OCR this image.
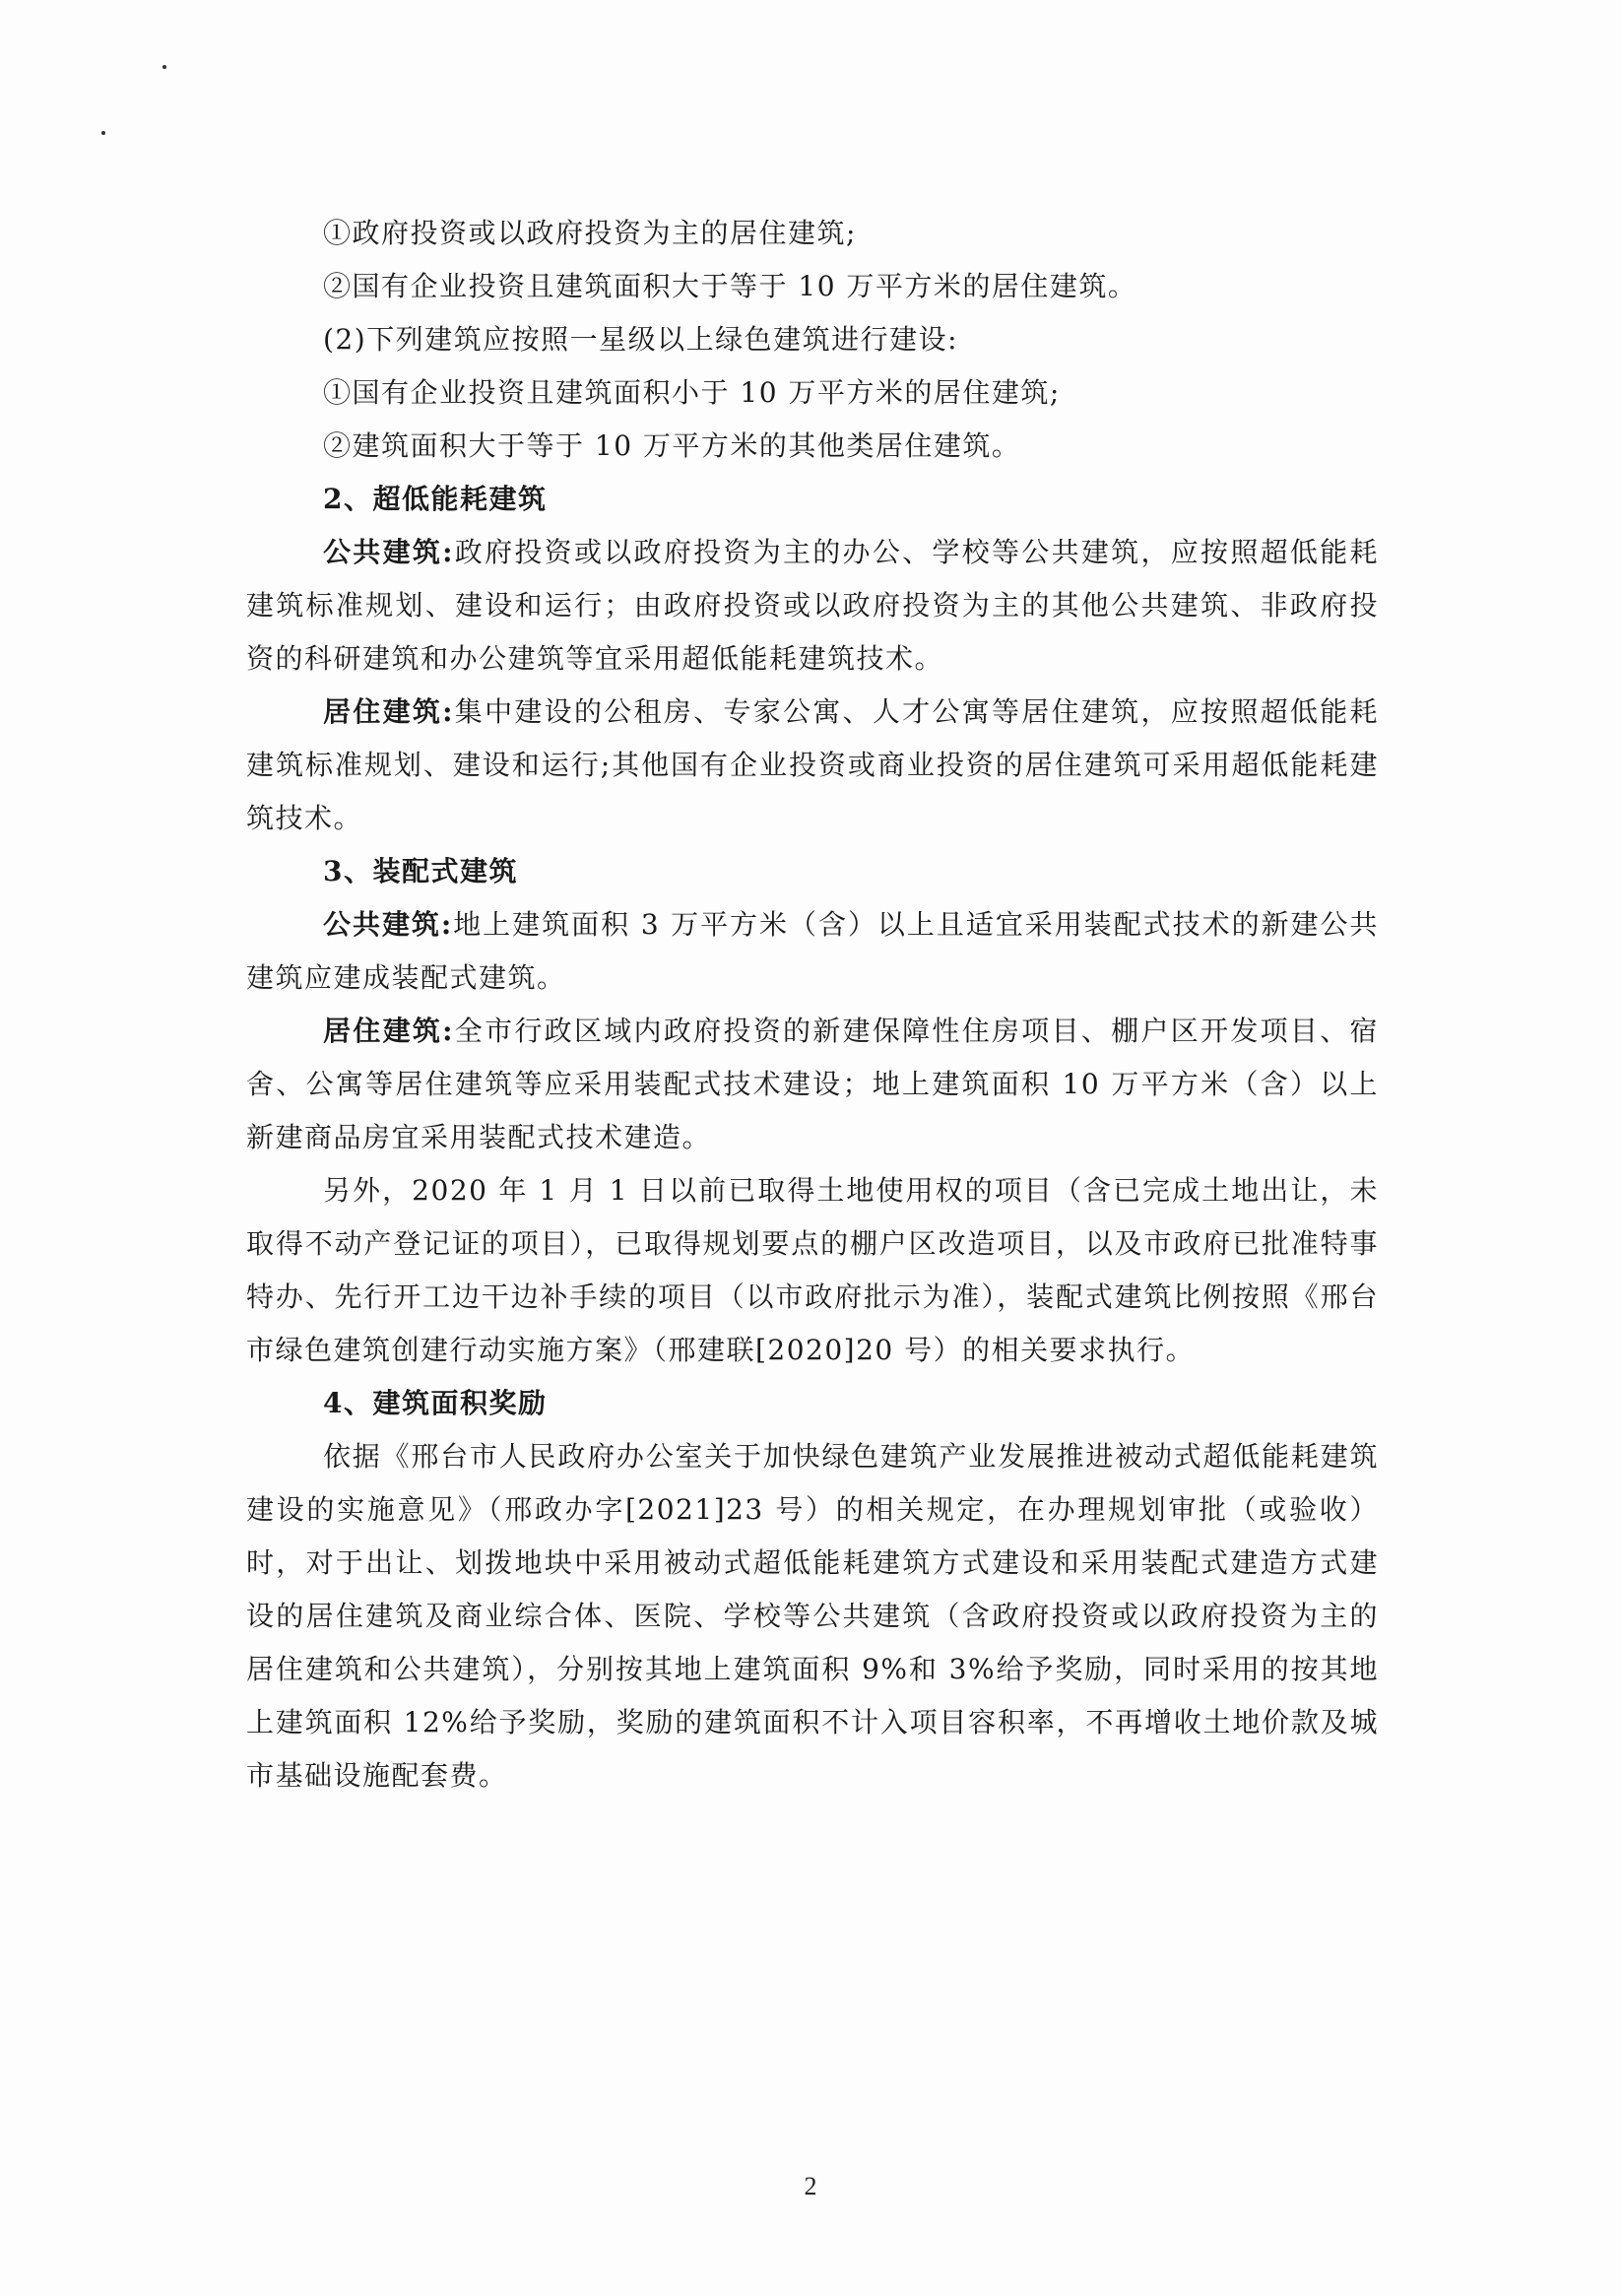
①政府投资或以政府投资为主的居住建筑;
②国有企业投资且建筑面积大于等于 10 万平方米的居住建筑。
(2)下列建筑应按照一星级以上绿色建筑进行建设:
①国有企业投资且建筑面积小于 10 万平方米的居住建筑;
②建筑面积大于等于 10 万平方米的其他类居住建筑。
2、超低能耗建筑
公共建筑:政府投资或以政府投资为主的办公、学校等公共建筑，应按照超低能耗建筑标准规划、建设和运行；由政府投资或以政府投资为主的其他公共建筑、非政府投资的科研建筑和办公建筑等宜采用超低能耗建筑技术。
居住建筑:集中建设的公租房、专家公寓、人才公寓等居住建筑，应按照超低能耗建筑标准规划、建设和运行;其他国有企业投资或商业投资的居住建筑可采用超低能耗建筑技术。
3、装配式建筑
公共建筑:地上建筑面积 3 万平方米（含）以上且适宜采用装配式技术的新建公共建筑应建成装配式建筑。
居住建筑:全市行政区域内政府投资的新建保障性住房项目、棚户区开发项目、宿舍、公寓等居住建筑等应采用装配式技术建设；地上建筑面积 10 万平方米（含）以上新建商品房宜采用装配式技术建造。
另外，2020 年 1 月 1 日以前已取得土地使用权的项目（含已完成土地出让，未取得不动产登记证的项目），已取得规划要点的棚户区改造项目，以及市政府已批准特事特办、先行开工边干边补手续的项目（以市政府批示为准），装配式建筑比例按照《邢台市绿色建筑创建行动实施方案》（邢建联[2020]20 号）的相关要求执行。
4、建筑面积奖励
依据《邢台市人民政府办公室关于加快绿色建筑产业发展推进被动式超低能耗建筑建设的实施意见》（邢政办字[2021]23 号）的相关规定，在办理规划审批（或验收）时，对于出让、划拨地块中采用被动式超低能耗建筑方式建设和采用装配式建造方式建设的居住建筑及商业综合体、医院、学校等公共建筑（含政府投资或以政府投资为主的居住建筑和公共建筑），分别按其地上建筑面积 9%和 3%给予奖励，同时采用的按其地上建筑面积 12%给予奖励，奖励的建筑面积不计入项目容积率，不再增收土地价款及城市基础设施配套费。
2
